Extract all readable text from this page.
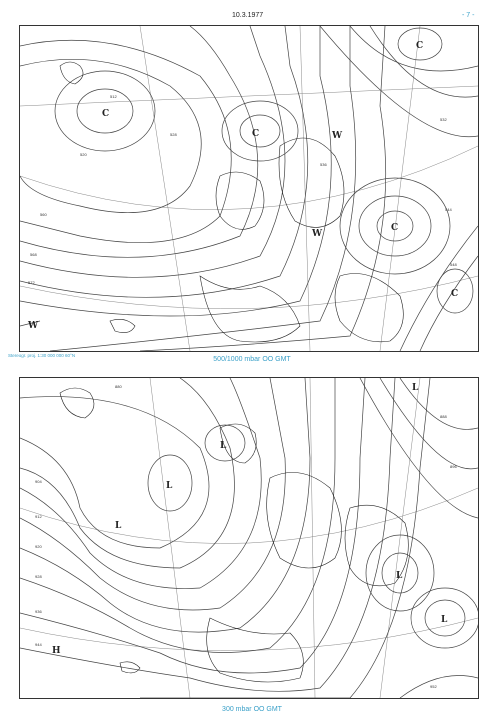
10.3.1977	- 7 -
560
568
572
512
528
536
532
544
548
520
C
C
C
C
C
W
W
W
Stereogr. proj. 1:30 000 000 60°N
500/1000 mbar OO GMT
904
912
920
928
936
944
880
888
896
952
L
L
L
L
L
L
H
300 mbar OO GMT
